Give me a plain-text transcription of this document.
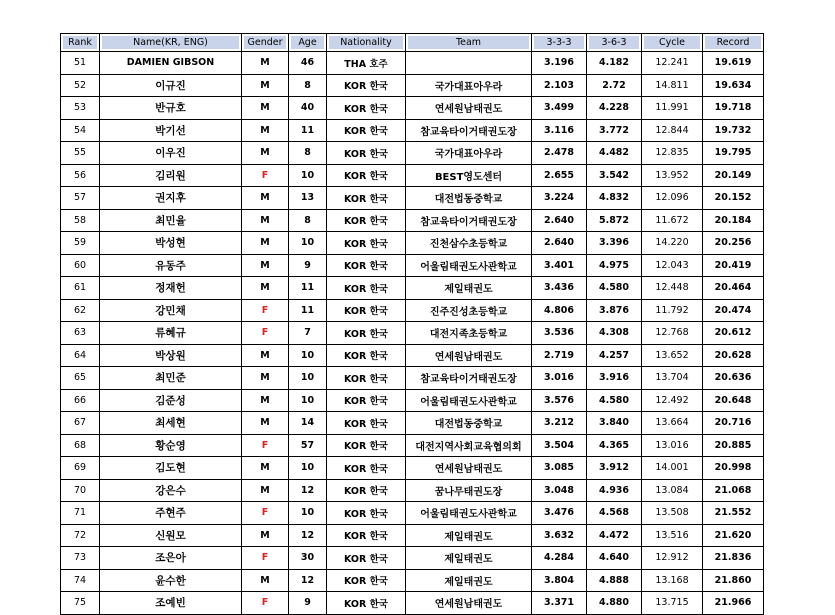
Rank	Name(KR, ENG)	Gender	Age	Nationality	Team	3-3-3	3-6-3	Cycle	Record

51	DAMIEN GIBSON	M	46	THA 호주		3.196	4.182	12.241	19.619
52	이규진	M	8	KOR 한국	국가대표아우라	2.103	2.72	14.811	19.634
53	반규호	M	40	KOR 한국	연세원남태권도	3.499	4.228	11.991	19.718
54	박기선	M	11	KOR 한국	참교육타이거태권도장	3.116	3.772	12.844	19.732
55	이우진	M	8	KOR 한국	국가대표아우라	2.478	4.482	12.835	19.795
56	김리원	F	10	KOR 한국	BEST영도센터	2.655	3.542	13.952	20.149
57	권지후	M	13	KOR 한국	대전법동중학교	3.224	4.832	12.096	20.152
58	최민율	M	8	KOR 한국	참교육타이거태권도장	2.640	5.872	11.672	20.184
59	박성현	M	10	KOR 한국	진천삼수초등학교	2.640	3.396	14.220	20.256
60	유동주	M	9	KOR 한국	어울림태권도사관학교	3.401	4.975	12.043	20.419
61	정재헌	M	11	KOR 한국	제일태권도	3.436	4.580	12.448	20.464
62	강민채	F	11	KOR 한국	진주진성초등학교	4.806	3.876	11.792	20.474
63	류혜규	F	7	KOR 한국	대전지족초등학교	3.536	4.308	12.768	20.612
64	박상원	M	10	KOR 한국	연세원남태권도	2.719	4.257	13.652	20.628
65	최민준	M	10	KOR 한국	참교육타이거태권도장	3.016	3.916	13.704	20.636
66	김준성	M	10	KOR 한국	어울림태권도사관학교	3.576	4.580	12.492	20.648
67	최세현	M	14	KOR 한국	대전법동중학교	3.212	3.840	13.664	20.716
68	황순영	F	57	KOR 한국	대전지역사회교육협의회	3.504	4.365	13.016	20.885
69	김도현	M	10	KOR 한국	연세원남태권도	3.085	3.912	14.001	20.998
70	강은수	M	12	KOR 한국	꿈나무태권도장	3.048	4.936	13.084	21.068
71	주현주	F	10	KOR 한국	어울림태권도사관학교	3.476	4.568	13.508	21.552
72	신원모	M	12	KOR 한국	제일태권도	3.632	4.472	13.516	21.620
73	조은아	F	30	KOR 한국	제일태권도	4.284	4.640	12.912	21.836
74	윤수한	M	12	KOR 한국	제일태권도	3.804	4.888	13.168	21.860
75	조예빈	F	9	KOR 한국	연세원남태권도	3.371	4.880	13.715	21.966
